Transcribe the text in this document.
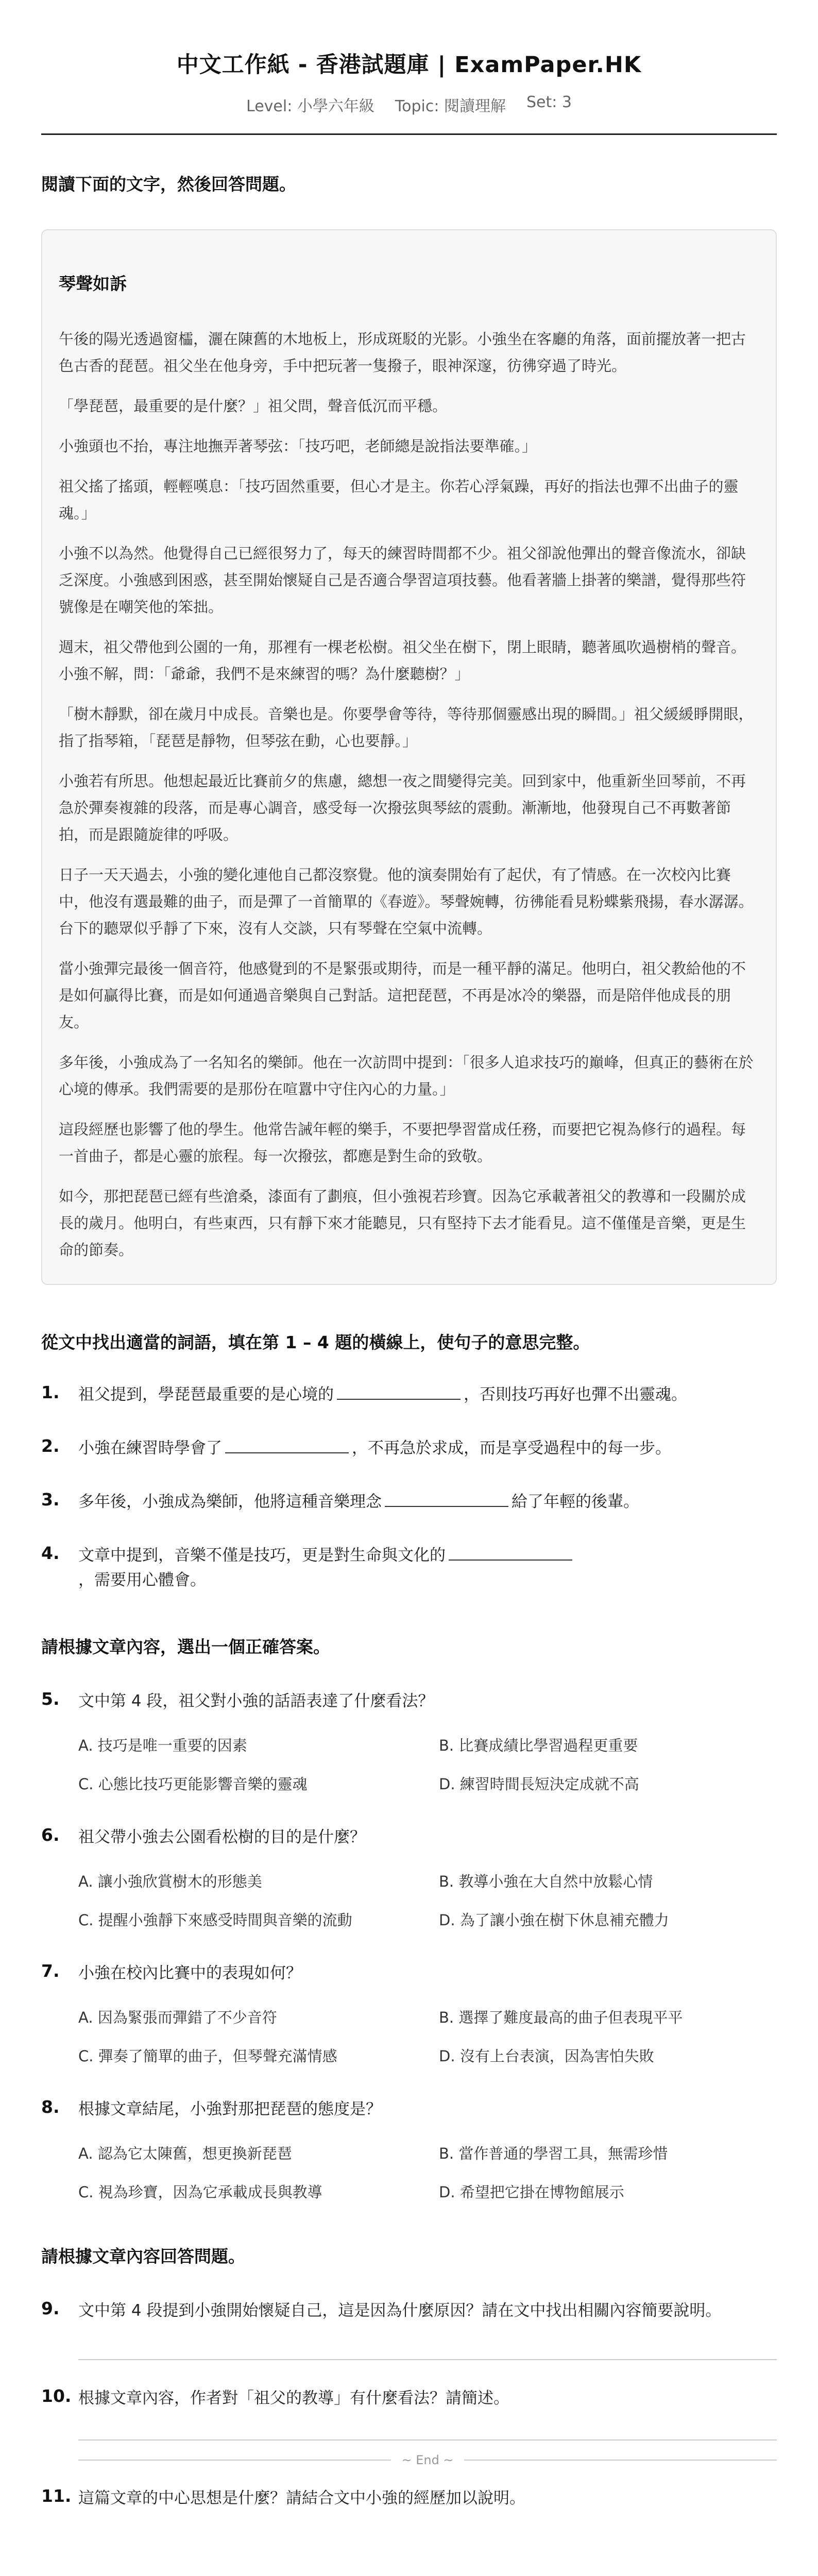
中文工作紙 - 香港試題庫 | ExamPaper.HK
Level: 小學六年級 Topic: 閱讀理解 Set: 3
閱讀下面的文字，然後回答問題。
琴聲如訴

午後的陽光透過窗櫺，灑在陳舊的木地板上，形成斑駁的光影。小強坐在客廳的角落，面前擺放著一把古色古香的琵琶。祖父坐在他身旁，手中把玩著一隻撥子，眼神深邃，彷彿穿過了時光。

「學琵琶，最重要的是什麼？」祖父問，聲音低沉而平穩。

小強頭也不抬，專注地撫弄著琴弦：「技巧吧，老師總是說指法要準確。」

祖父搖了搖頭，輕輕嘆息：「技巧固然重要，但心才是主。你若心浮氣躁，再好的指法也彈不出曲子的靈魂。」

小強不以為然。他覺得自己已經很努力了，每天的練習時間都不少。祖父卻說他彈出的聲音像流水，卻缺乏深度。小強感到困惑，甚至開始懷疑自己是否適合學習這項技藝。他看著牆上掛著的樂譜，覺得那些符號像是在嘲笑他的笨拙。

週末，祖父帶他到公園的一角，那裡有一棵老松樹。祖父坐在樹下，閉上眼睛，聽著風吹過樹梢的聲音。小強不解，問：「爺爺，我們不是來練習的嗎？為什麼聽樹？」

「樹木靜默，卻在歲月中成長。音樂也是。你要學會等待，等待那個靈感出現的瞬間。」祖父緩緩睜開眼，指了指琴箱，「琵琶是靜物，但琴弦在動，心也要靜。」

小強若有所思。他想起最近比賽前夕的焦慮，總想一夜之間變得完美。回到家中，他重新坐回琴前，不再急於彈奏複雜的段落，而是專心調音，感受每一次撥弦與琴絃的震動。漸漸地，他發現自己不再數著節拍，而是跟隨旋律的呼吸。

日子一天天過去，小強的變化連他自己都沒察覺。他的演奏開始有了起伏，有了情感。在一次校內比賽中，他沒有選最難的曲子，而是彈了一首簡單的《春遊》。琴聲婉轉，彷彿能看見粉蝶紫飛揚，春水潺潺。台下的聽眾似乎靜了下來，沒有人交談，只有琴聲在空氣中流轉。

當小強彈完最後一個音符，他感覺到的不是緊張或期待，而是一種平靜的滿足。他明白，祖父教給他的不是如何贏得比賽，而是如何通過音樂與自己對話。這把琵琶，不再是冰冷的樂器，而是陪伴他成長的朋友。

多年後，小強成為了一名知名的樂師。他在一次訪問中提到：「很多人追求技巧的巔峰，但真正的藝術在於心境的傳承。我們需要的是那份在喧囂中守住內心的力量。」

這段經歷也影響了他的學生。他常告誡年輕的樂手，不要把學習當成任務，而要把它視為修行的過程。每一首曲子，都是心靈的旅程。每一次撥弦，都應是對生命的致敬。

如今，那把琵琶已經有些滄桑，漆面有了劃痕，但小強視若珍寶。因為它承載著祖父的教導和一段關於成長的歲月。他明白，有些東西，只有靜下來才能聽見，只有堅持下去才能看見。這不僅僅是音樂，更是生命的節奏。

從文中找出適當的詞語，填在第 1 – 4 題的橫線上，使句子的意思完整。
1.	祖父提到，學琵琶最重要的是心境的	，否則技巧再好也彈不出靈魂。
2.	小強在練習時學會了	，不再急於求成，而是享受過程中的每一步。
3.	多年後，小強成為樂師，他將這種音樂理念	給了年輕的後輩。
4.	文章中提到，音樂不僅是技巧，更是對生命與文化的
，需要用心體會。
請根據文章內容，選出一個正確答案。
5.	文中第 4 段，祖父對小強的話語表達了什麼看法？
A. 技巧是唯一重要的因素	B. 比賽成績比學習過程更重要
C. 心態比技巧更能影響音樂的靈魂	D. 練習時間長短決定成就不高
6.	祖父帶小強去公園看松樹的目的是什麼？
A. 讓小強欣賞樹木的形態美	B. 教導小強在大自然中放鬆心情
C. 提醒小強靜下來感受時間與音樂的流動	D. 為了讓小強在樹下休息補充體力
7.	小強在校內比賽中的表現如何？
A. 因為緊張而彈錯了不少音符	B. 選擇了難度最高的曲子但表現平平
C. 彈奏了簡單的曲子，但琴聲充滿情感	D. 沒有上台表演，因為害怕失敗
8.	根據文章結尾，小強對那把琵琶的態度是？
A. 認為它太陳舊，想更換新琵琶	B. 當作普通的學習工具，無需珍惜
C. 視為珍寶，因為它承載成長與教導	D. 希望把它掛在博物館展示
請根據文章內容回答問題。
9.	文中第 4 段提到小強開始懷疑自己，這是因為什麼原因？請在文中找出相關內容簡要說明。
10. 根據文章內容，作者對「祖父的教導」有什麼看法？請簡述。
~ End ~
11. 這篇文章的中心思想是什麼？請結合文中小強的經歷加以說明。
